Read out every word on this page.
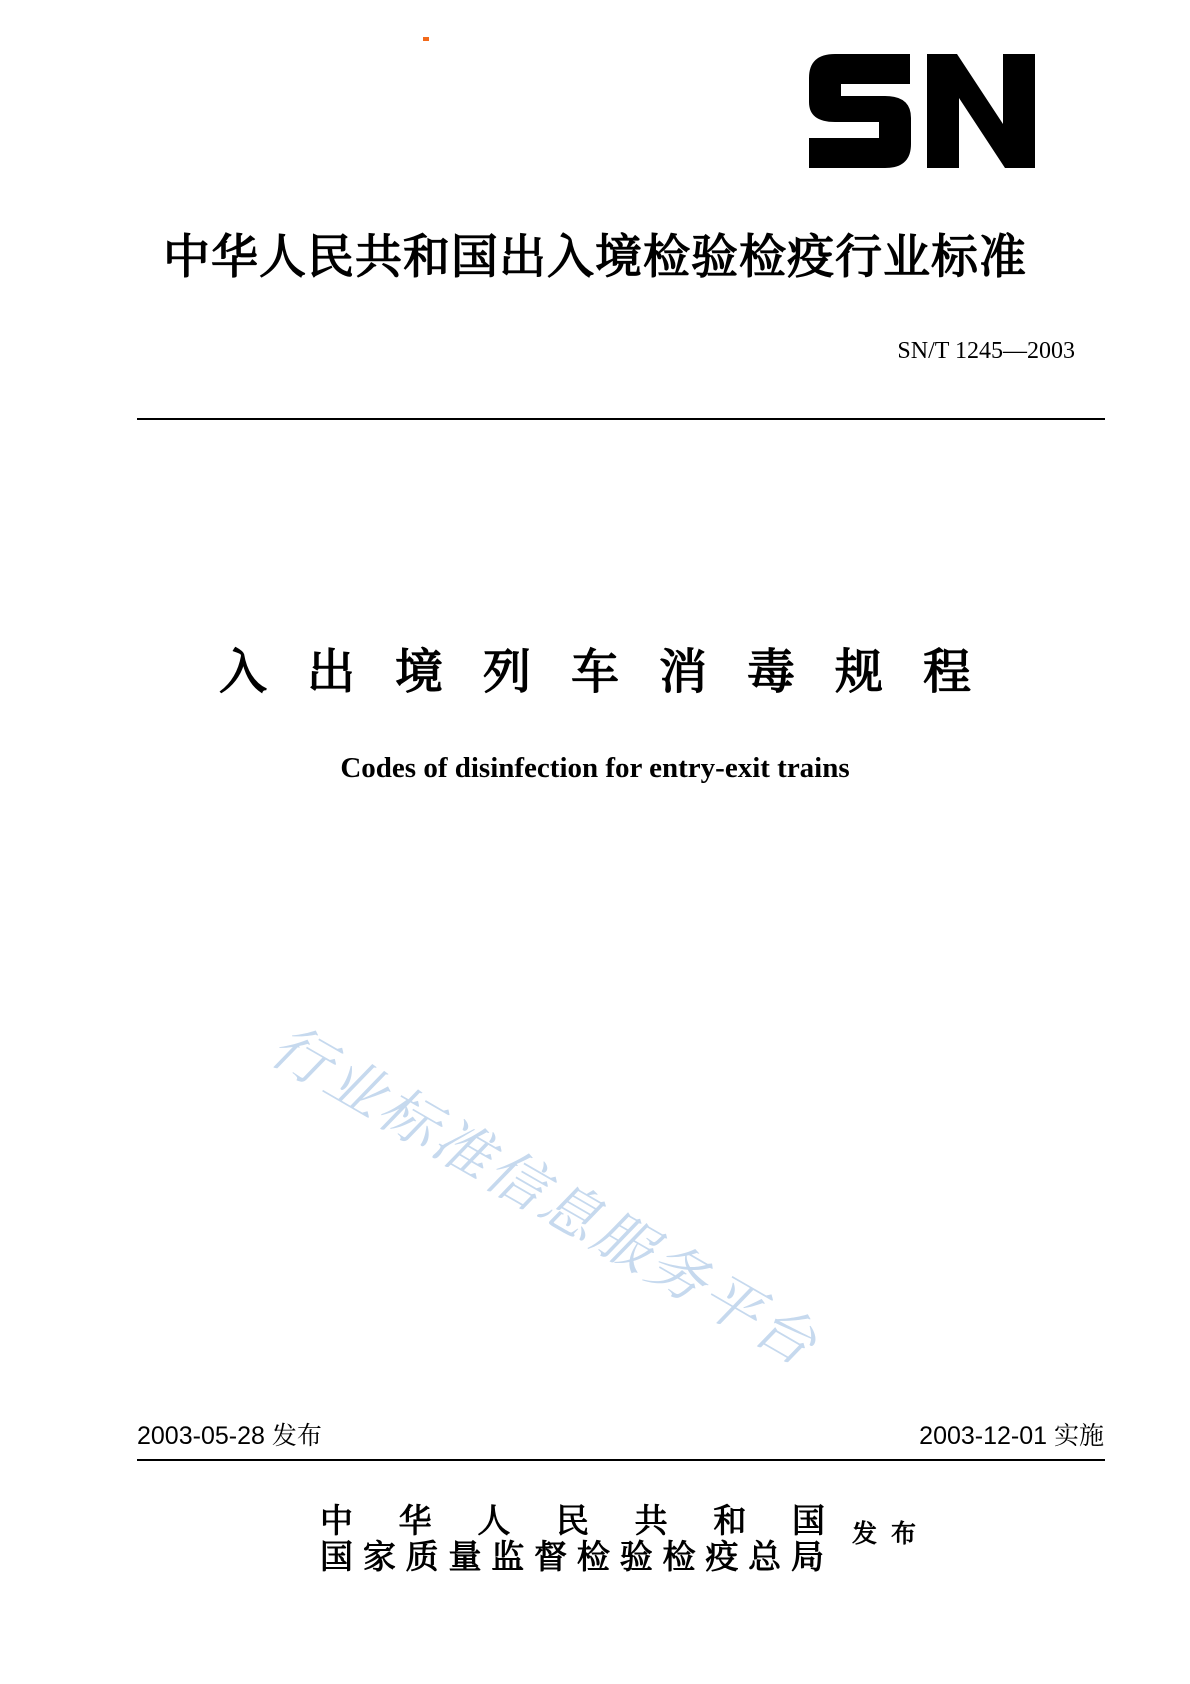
中华人民共和国出入境检验检疫行业标准
SN/T 1245—2003
入出境列车消毒规程
Codes of disinfection for entry-exit trains
行业标准信息服务平台
2003-05-28 发布	2003-12-01 实施
中华人民共和国
国家质量监督检验检疫总局
发布
